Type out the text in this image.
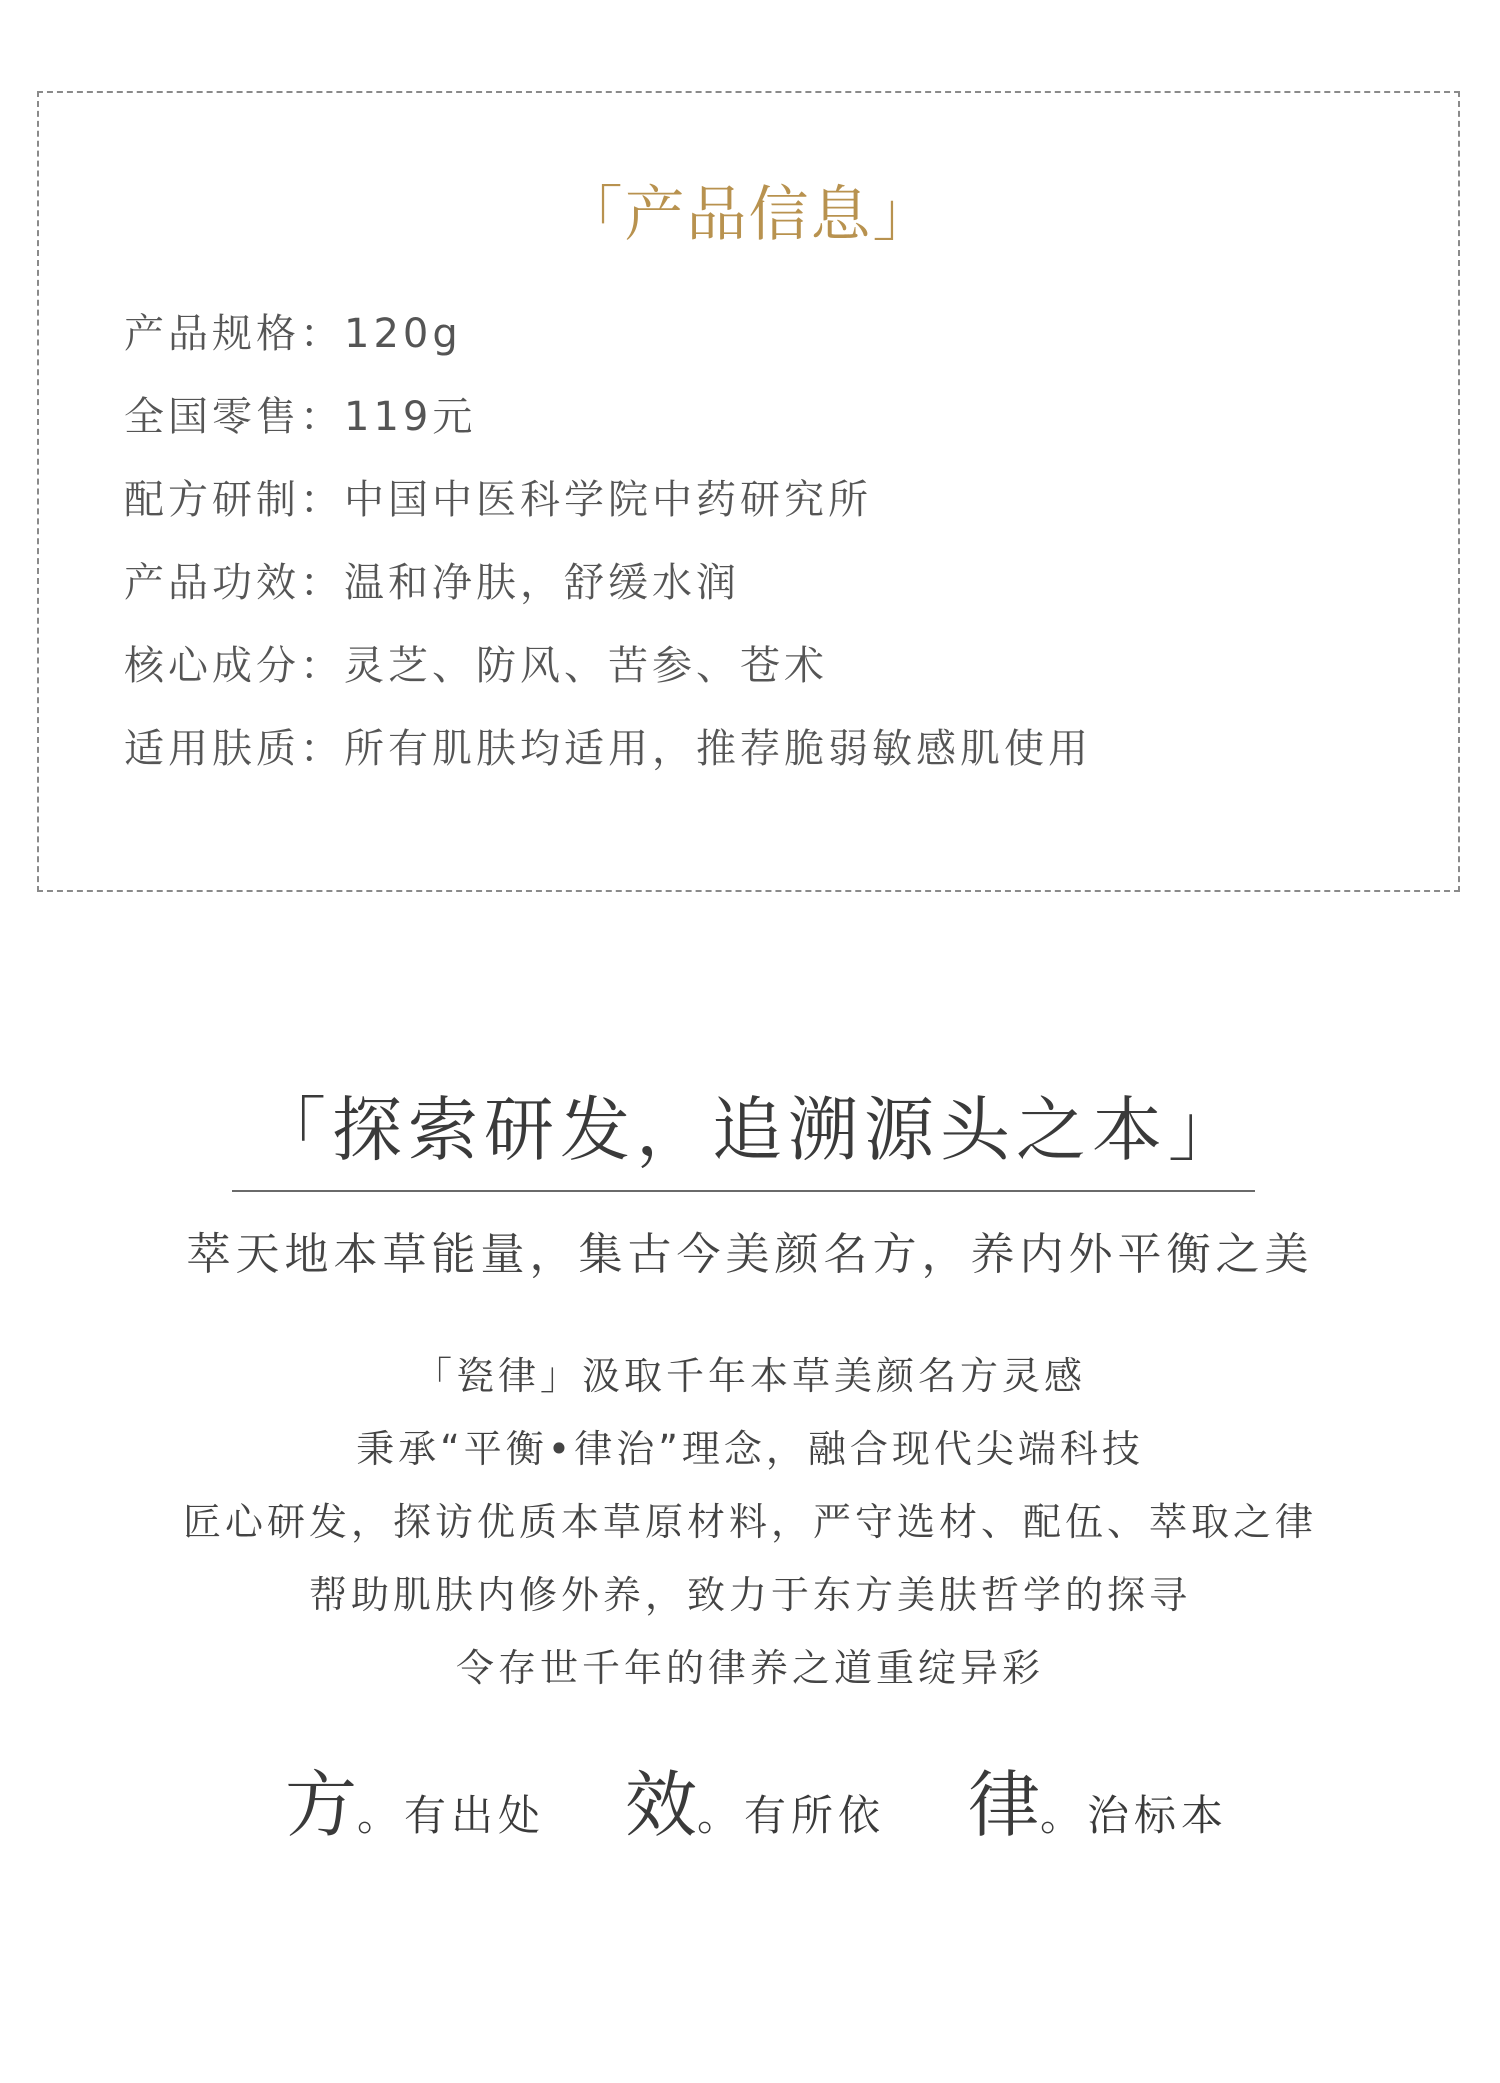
「产品信息」
产品规格：120g
全国零售：119元
配方研制：中国中医科学院中药研究所
产品功效：温和净肤，舒缓水润
核心成分：灵芝、防风、苦参、苍术
适用肤质：所有肌肤均适用，推荐脆弱敏感肌使用
「探索研发，追溯源头之本」
萃天地本草能量，集古今美颜名方，养内外平衡之美
「瓷律」汲取千年本草美颜名方灵感
秉承“平衡•律治”理念，融合现代尖端科技
匠心研发，探访优质本草原材料，严守选材、配伍、萃取之律
帮助肌肤内修外养，致力于东方美肤哲学的探寻
令存世千年的律养之道重绽异彩
方。有出处 效。有所依 律。治标本
